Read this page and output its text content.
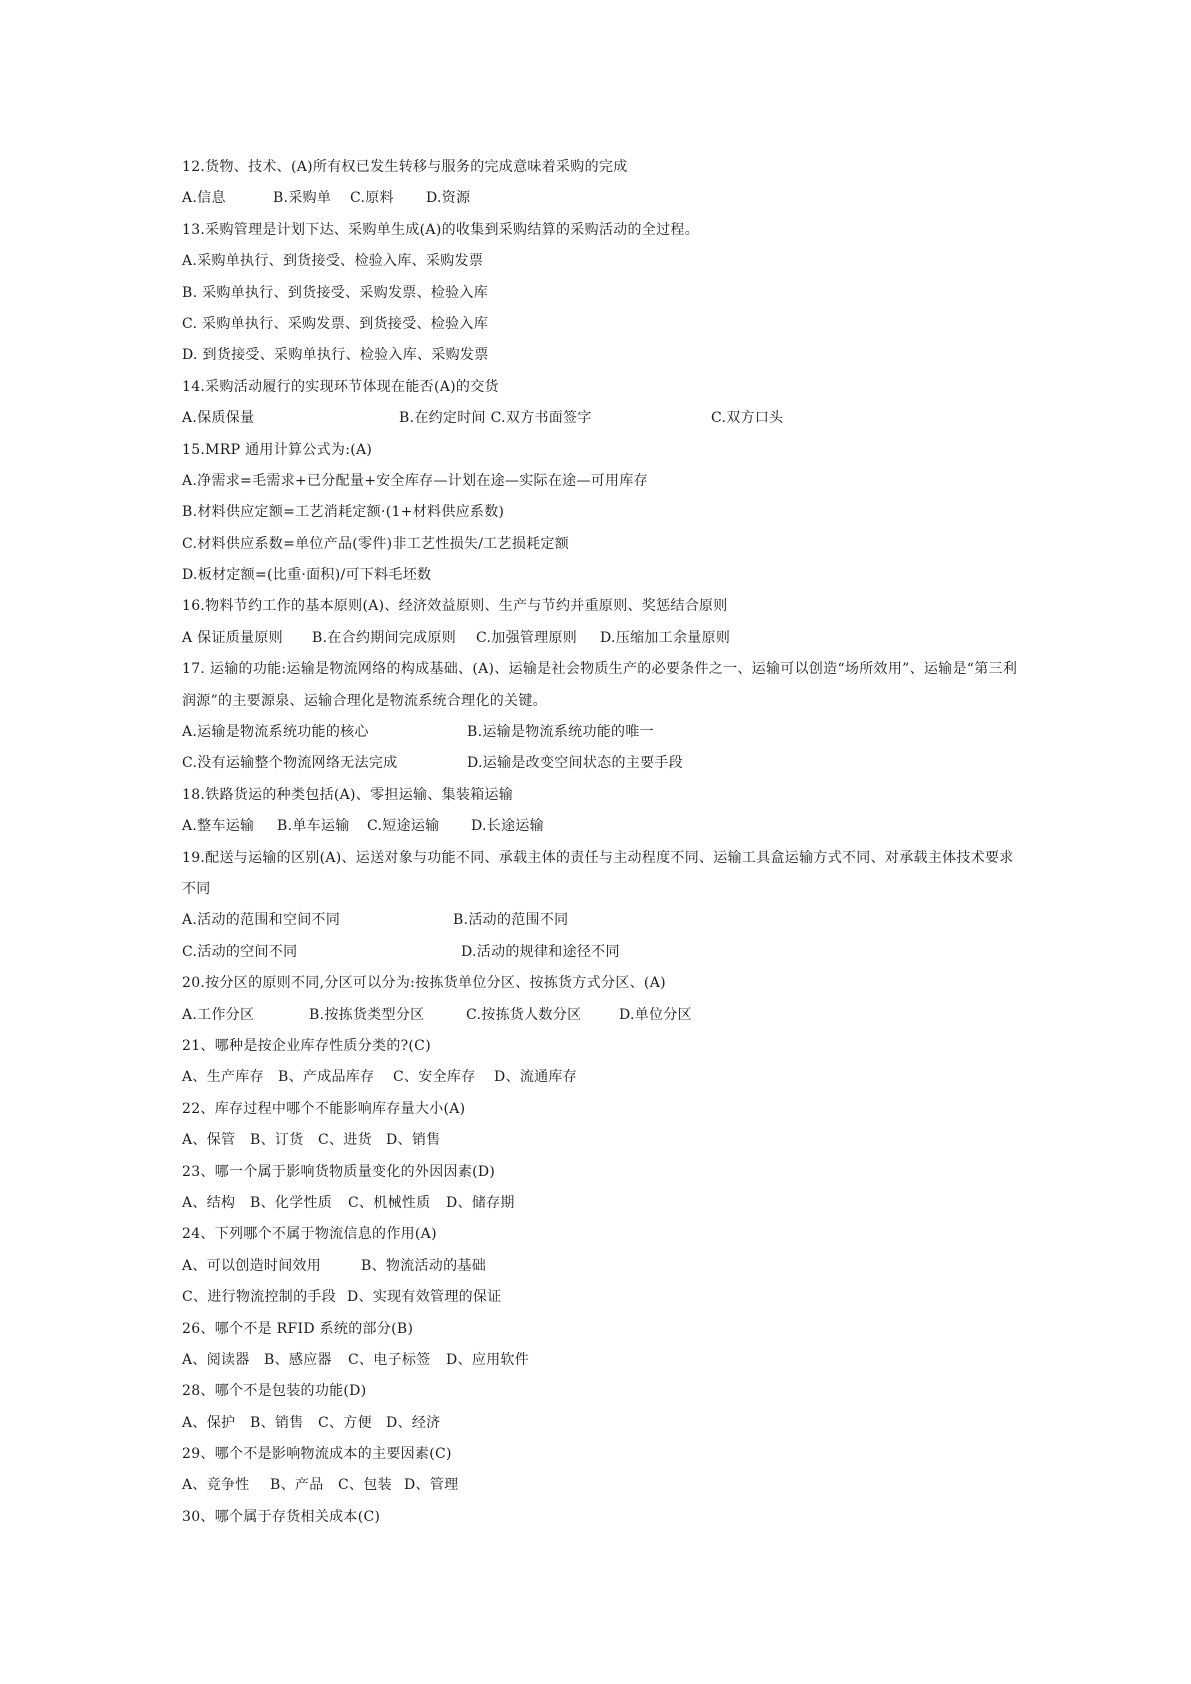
12.货物、技术、(A)所有权已发生转移与服务的完成意味着采购的完成
A.信息	B.采购单	C.原料	D.资源
13.采购管理是计划下达、采购单生成(A)的收集到采购结算的采购活动的全过程。
A.采购单执行、到货接受、检验入库、采购发票
B. 采购单执行、到货接受、采购发票、检验入库
C. 采购单执行、采购发票、到货接受、检验入库
D. 到货接受、采购单执行、检验入库、采购发票
14.采购活动履行的实现环节体现在能否(A)的交货
A.保质保量	B.在约定时间 C.双方书面签字	C.双方口头
15.MRP 通用计算公式为:(A)
A.净需求=毛需求+已分配量+安全库存—计划在途—实际在途—可用库存
B.材料供应定额=工艺消耗定额·(1+材料供应系数)
C.材料供应系数=单位产品(零件)非工艺性损失/工艺损耗定额
D.板材定额=(比重·面积)/可下料毛坯数
16.物料节约工作的基本原则(A)、经济效益原则、生产与节约并重原则、奖惩结合原则
A 保证质量原则	B.在合约期间完成原则	C.加强管理原则	D.压缩加工余量原则
17. 运输的功能:运输是物流网络的构成基础、(A)、运输是社会物质生产的必要条件之一、运输可以创造“场所效用”、运输是“第三利润源”的主要源泉、运输合理化是物流系统合理化的关键。
A.运输是物流系统功能的核心	B.运输是物流系统功能的唯一
C.没有运输整个物流网络无法完成	D.运输是改变空间状态的主要手段
18.铁路货运的种类包括(A)、零担运输、集装箱运输
A.整车运输	B.单车运输	C.短途运输	D.长途运输
19.配送与运输的区别(A)、运送对象与功能不同、承载主体的责任与主动程度不同、运输工具盒运输方式不同、对承载主体技术要求不同
A.活动的范围和空间不同	B.活动的范围不同
C.活动的空间不同	D.活动的规律和途径不同
20.按分区的原则不同,分区可以分为:按拣货单位分区、按拣货方式分区、(A)
A.工作分区	B.按拣货类型分区	C.按拣货人数分区	D.单位分区
21、哪种是按企业库存性质分类的?(C)
A、生产库存	B、产成品库存	C、安全库存	D、流通库存
22、库存过程中哪个不能影响库存量大小(A)
A、保管	B、订货	C、进货	D、销售
23、哪一个属于影响货物质量变化的外因因素(D)
A、结构	B、化学性质	C、机械性质	D、储存期
24、下列哪个不属于物流信息的作用(A)
A、可以创造时间效用	B、物流活动的基础
C、进行物流控制的手段 D、实现有效管理的保证
26、哪个不是 RFID 系统的部分(B)
A、阅读器	B、感应器	C、电子标签	D、应用软件
28、哪个不是包装的功能(D)
A、保护	B、销售	C、方便	D、经济
29、哪个不是影响物流成本的主要因素(C)
A、竞争性	B、产品	C、包装 D、管理
30、哪个属于存货相关成本(C)
